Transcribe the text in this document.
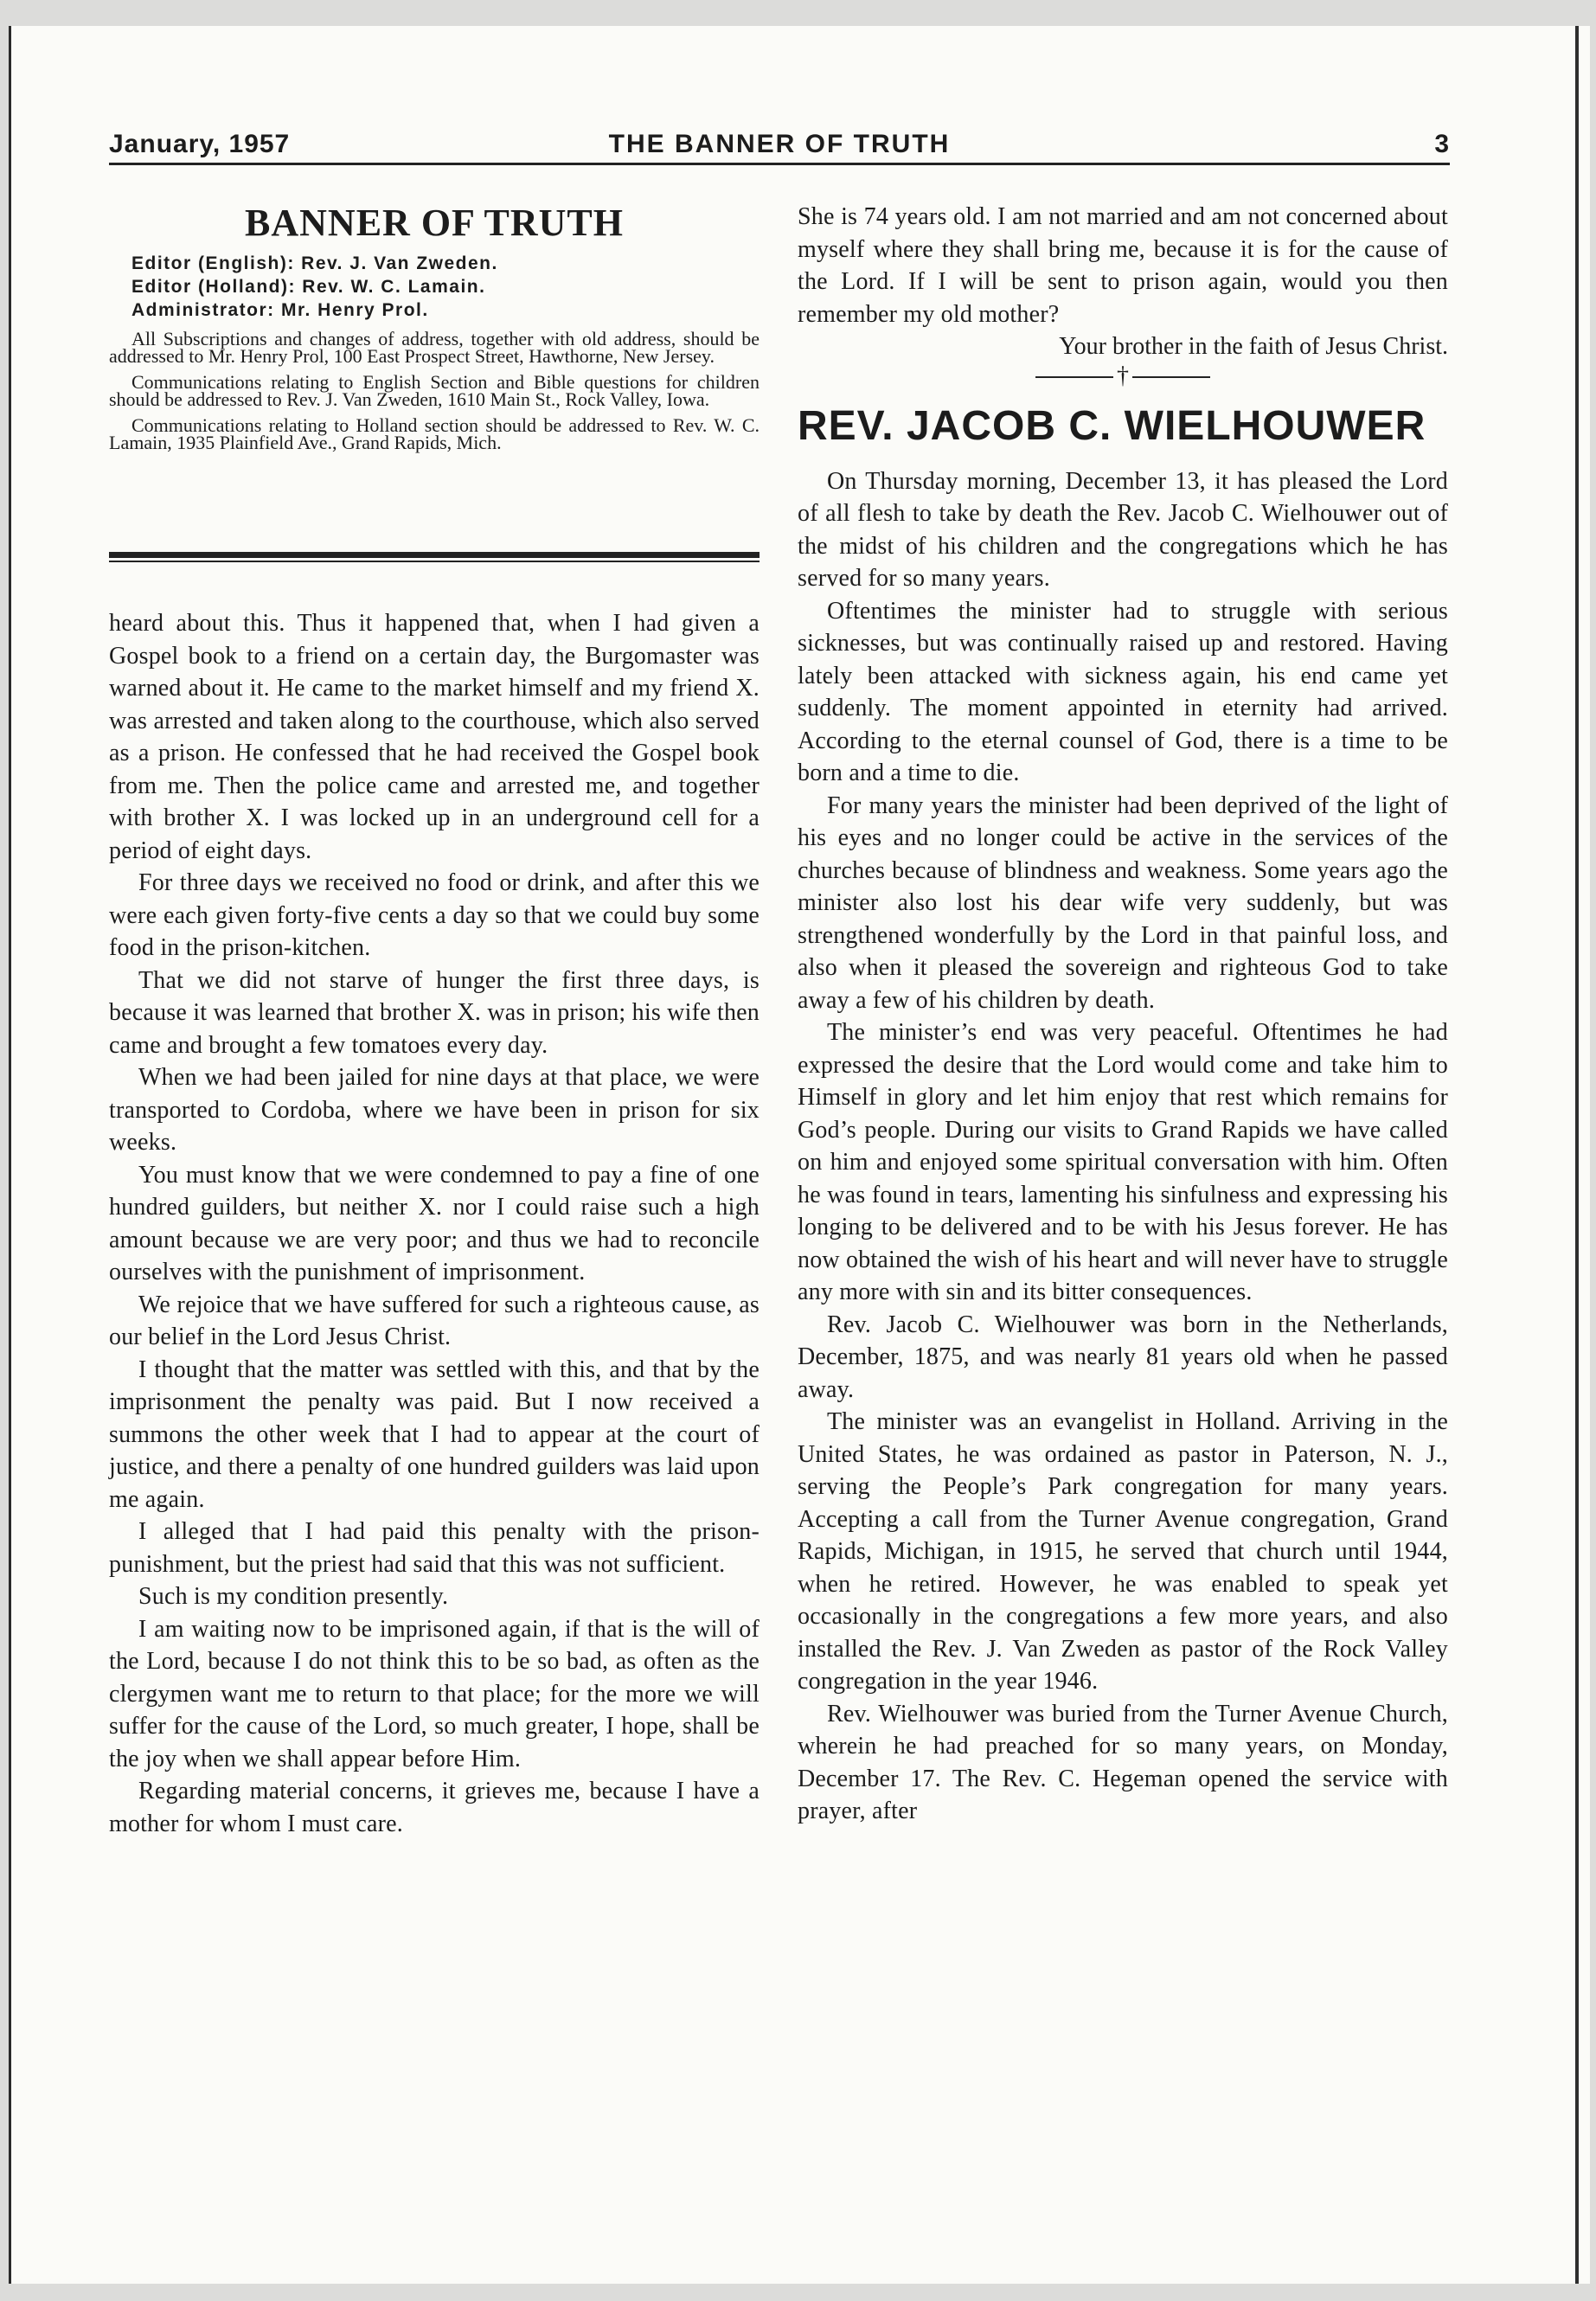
January, 1957	THE BANNER OF TRUTH	3
BANNER OF TRUTH
Editor (English): Rev. J. Van Zweden.
Editor (Holland): Rev. W. C. Lamain.
Administrator: Mr. Henry Prol.
All Subscriptions and changes of address, together with old address, should be addressed to Mr. Henry Prol, 100 East Prospect Street, Hawthorne, New Jersey.
Communications relating to English Section and Bible questions for children should be addressed to Rev. J. Van Zweden, 1610 Main St., Rock Valley, Iowa.
Communications relating to Holland section should be addressed to Rev. W. C. Lamain, 1935 Plainfield Ave., Grand Rapids, Mich.

heard about this. Thus it happened that, when I had given a Gospel book to a friend on a certain day, the Burgomaster was warned about it. He came to the market himself and my friend X. was arrested and taken along to the courthouse, which also served as a prison. He confessed that he had received the Gospel book from me. Then the police came and arrested me, and together with brother X. I was locked up in an underground cell for a period of eight days.

For three days we received no food or drink, and after this we were each given forty-five cents a day so that we could buy some food in the prison-kitchen.

That we did not starve of hunger the first three days, is because it was learned that brother X. was in prison; his wife then came and brought a few tomatoes every day.

When we had been jailed for nine days at that place, we were transported to Cordoba, where we have been in prison for six weeks.

You must know that we were condemned to pay a fine of one hundred guilders, but neither X. nor I could raise such a high amount because we are very poor; and thus we had to reconcile ourselves with the punishment of imprisonment.

We rejoice that we have suffered for such a righteous cause, as our belief in the Lord Jesus Christ.

I thought that the matter was settled with this, and that by the imprisonment the penalty was paid. But I now received a summons the other week that I had to appear at the court of justice, and there a penalty of one hundred guilders was laid upon me again.

I alleged that I had paid this penalty with the prison-punishment, but the priest had said that this was not sufficient.

Such is my condition presently.

I am waiting now to be imprisoned again, if that is the will of the Lord, because I do not think this to be so bad, as often as the clergymen want me to return to that place; for the more we will suffer for the cause of the Lord, so much greater, I hope, shall be the joy when we shall appear before Him.

Regarding material concerns, it grieves me, because I have a mother for whom I must care.

She is 74 years old. I am not married and am not concerned about myself where they shall bring me, because it is for the cause of the Lord. If I will be sent to prison again, would you then remember my old mother?

Your brother in the faith of Jesus Christ.

†
REV. JACOB C. WIELHOUWER

On Thursday morning, December 13, it has pleased the Lord of all flesh to take by death the Rev. Jacob C. Wielhouwer out of the midst of his children and the congregations which he has served for so many years.

Oftentimes the minister had to struggle with serious sicknesses, but was continually raised up and restored. Having lately been attacked with sickness again, his end came yet suddenly. The moment appointed in eternity had arrived. According to the eternal counsel of God, there is a time to be born and a time to die.

For many years the minister had been deprived of the light of his eyes and no longer could be active in the services of the churches because of blindness and weakness. Some years ago the minister also lost his dear wife very suddenly, but was strengthened wonderfully by the Lord in that painful loss, and also when it pleased the sovereign and righteous God to take away a few of his children by death.

The minister’s end was very peaceful. Oftentimes he had expressed the desire that the Lord would come and take him to Himself in glory and let him enjoy that rest which remains for God’s people. During our visits to Grand Rapids we have called on him and enjoyed some spiritual conversation with him. Often he was found in tears, lamenting his sinfulness and expressing his longing to be delivered and to be with his Jesus forever. He has now obtained the wish of his heart and will never have to struggle any more with sin and its bitter consequences.

Rev. Jacob C. Wielhouwer was born in the Netherlands, December, 1875, and was nearly 81 years old when he passed away.

The minister was an evangelist in Holland. Arriving in the United States, he was ordained as pastor in Paterson, N. J., serving the People’s Park congregation for many years. Accepting a call from the Turner Avenue congregation, Grand Rapids, Michigan, in 1915, he served that church until 1944, when he retired. However, he was enabled to speak yet occasionally in the congregations a few more years, and also installed the Rev. J. Van Zweden as pastor of the Rock Valley congregation in the year 1946.

Rev. Wielhouwer was buried from the Turner Avenue Church, wherein he had preached for so many years, on Monday, December 17. The Rev. C. Hegeman opened the service with prayer, after
